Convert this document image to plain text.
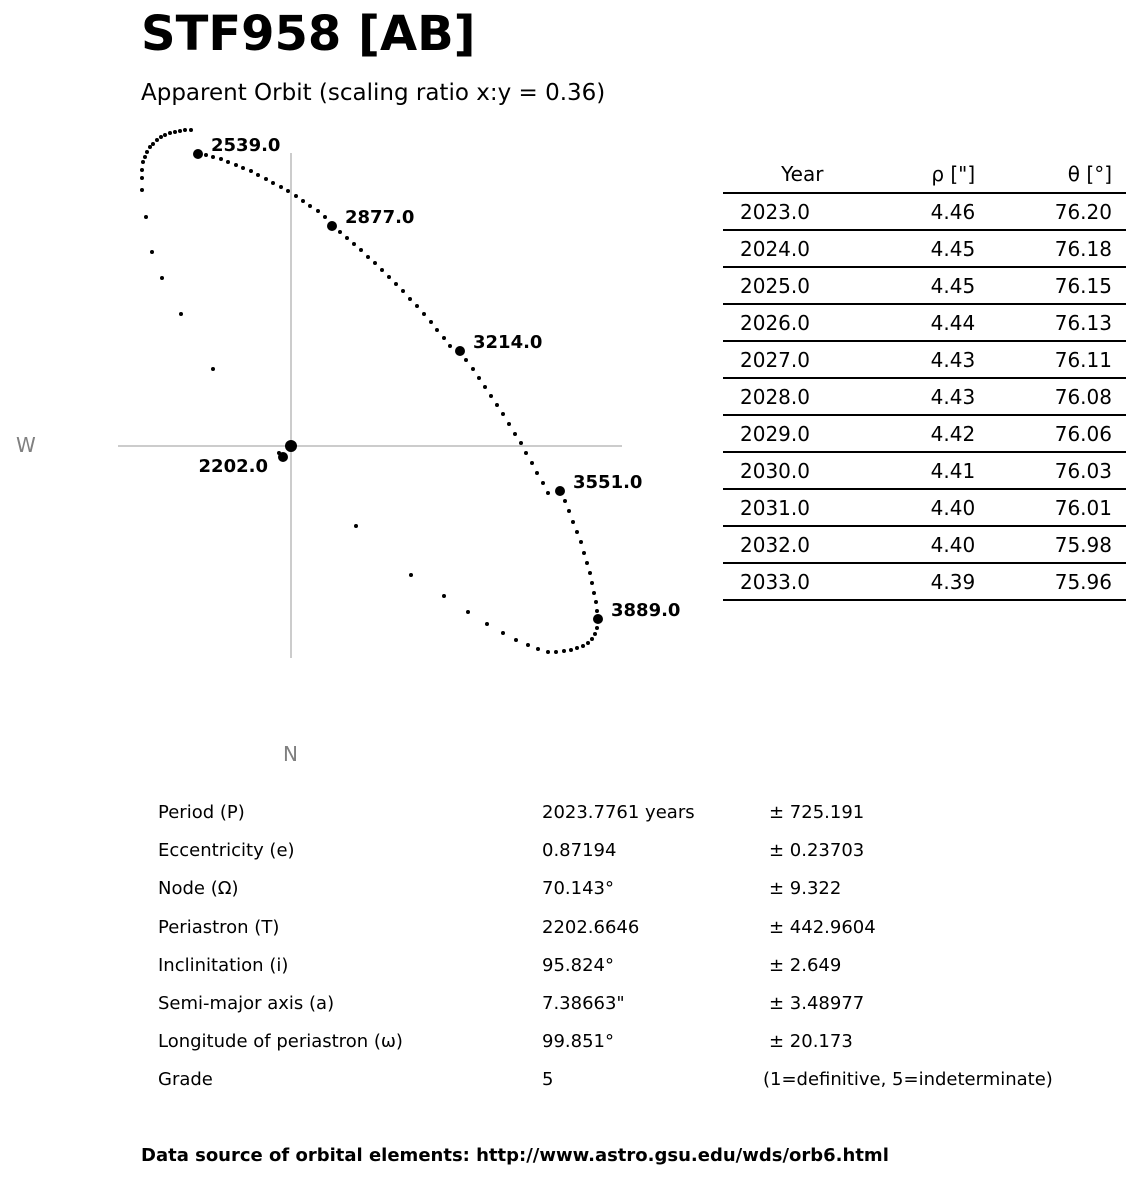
STF958 [AB]
Apparent Orbit (scaling ratio x:y = 0.36)
2539.0
2877.0
3214.0
3551.0
3889.0
2202.0
W
N
Year	ρ ["]	θ [°]
2023.0	4.46	76.20
2024.0	4.45	76.18
2025.0	4.45	76.15
2026.0	4.44	76.13
2027.0	4.43	76.11
2028.0	4.43	76.08
2029.0	4.42	76.06
2030.0	4.41	76.03
2031.0	4.40	76.01
2032.0	4.40	75.98
2033.0	4.39	75.96
Period (P)	2023.7761 years	± 725.191
Eccentricity (e)	0.87194	± 0.23703
Node (Ω)	70.143°	± 9.322
Periastron (T)	2202.6646	± 442.9604
Inclinitation (i)	95.824°	± 2.649
Semi-major axis (a)	7.38663"	± 3.48977
Longitude of periastron (ω)	99.851°	± 20.173
Grade	5	(1=definitive, 5=indeterminate)
Data source of orbital elements: http://www.astro.gsu.edu/wds/orb6.html
